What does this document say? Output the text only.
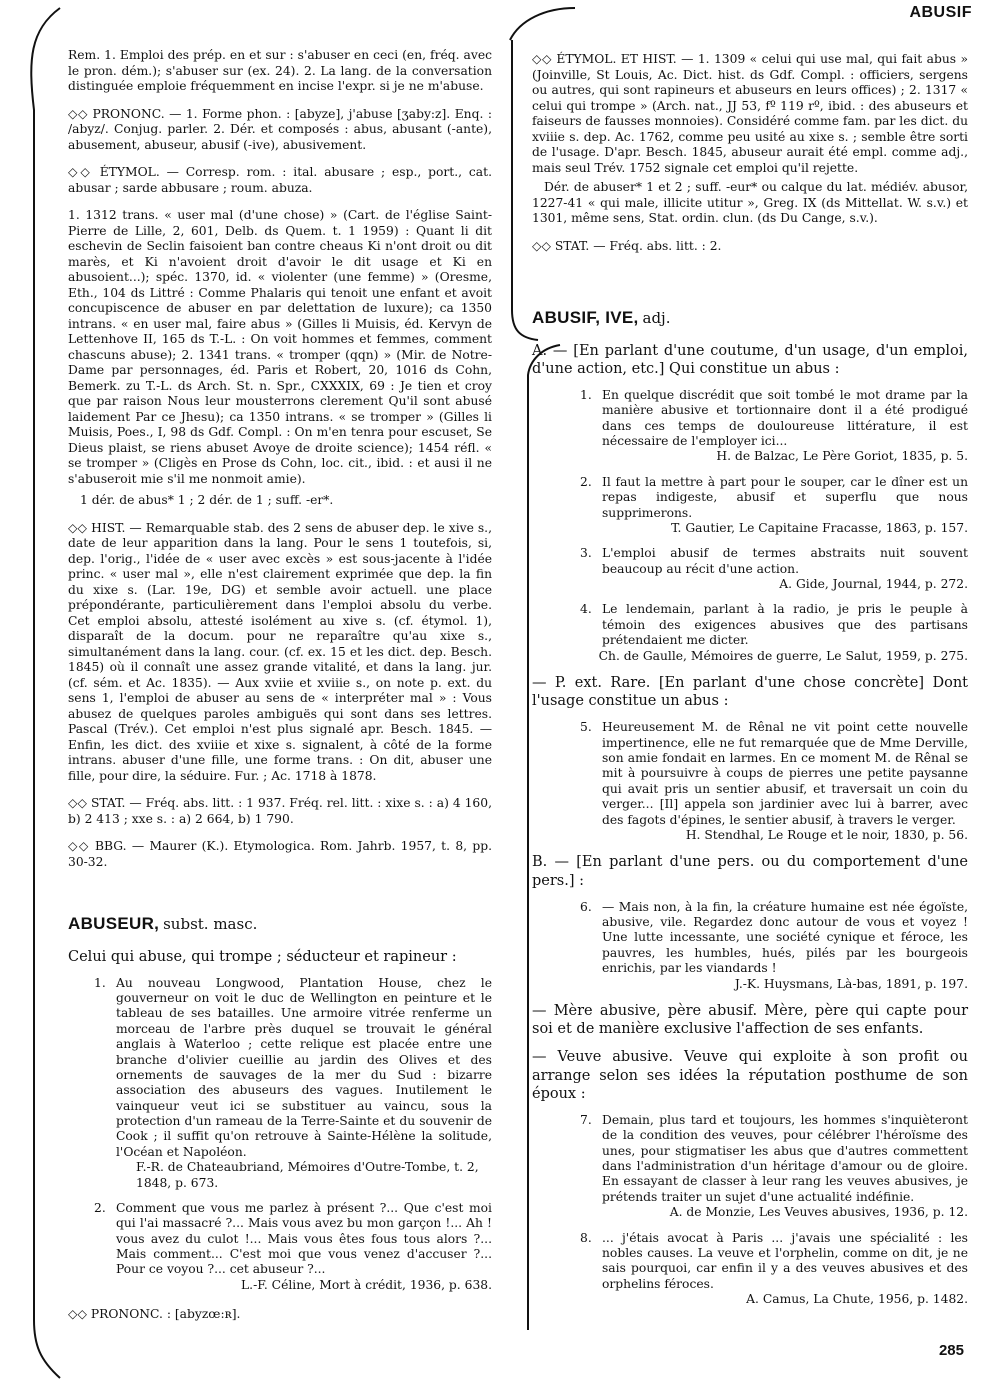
ABUSIF

Rem. 1. Emploi des prép. en et sur : s'abuser en ceci (en, fréq. avec le pron. dém.); s'abuser sur (ex. 24). 2. La lang. de la conversation distinguée emploie fréquemment en incise l'expr. si je ne m'abuse.

◇◇ PRONONC. — 1. Forme phon. : [abyze], j'abuse [ʒaby:z]. Enq. : /abyz/. Conjug. parler. 2. Dér. et composés : abus, abusant (-ante), abusement, abuseur, abusif (-ive), abusivement.

◇◇ ÉTYMOL. — Corresp. rom. : ital. abusare ; esp., port., cat. abusar ; sarde abbusare ; roum. abuza.

1. 1312 trans. « user mal (d'une chose) » (Cart. de l'église Saint-Pierre de Lille, 2, 601, Delb. ds Quem. t. 1 1959) : Quant li dit eschevin de Seclin faisoient ban contre cheaus Ki n'ont droit ou dit marès, et Ki n'avoient droit d'avoir le dit usage et Ki en abusoient...); spéc. 1370, id. « violenter (une femme) » (Oresme, Eth., 104 ds Littré : Comme Phalaris qui tenoit une enfant et avoit concupiscence de abuser en par delettation de luxure); ca 1350 intrans. « en user mal, faire abus » (Gilles li Muisis, éd. Kervyn de Lettenhove II, 165 ds T.-L. : On voit hommes et femmes, comment chascuns abuse); 2. 1341 trans. « tromper (qqn) » (Mir. de Notre-Dame par personnages, éd. Paris et Robert, 20, 1016 ds Cohn, Bemerk. zu T.-L. ds Arch. St. n. Spr., CXXXIX, 69 : Je tien et croy que par raison Nous leur mousterrons clerement Qu'il sont abusé laidement Par ce Jhesu); ca 1350 intrans. « se tromper » (Gilles li Muisis, Poes., I, 98 ds Gdf. Compl. : On m'en tenra pour escuset, Se Dieus plaist, se riens abuset Avoye de droite science); 1454 réfl. « se tromper » (Cligès en Prose ds Cohn, loc. cit., ibid. : et ausi il ne s'abuseroit mie s'il me nonmoit amie).

1 dér. de abus* 1 ; 2 dér. de 1 ; suff. -er*.

◇◇ HIST. — Remarquable stab. des 2 sens de abuser dep. le xive s., date de leur apparition dans la lang. Pour le sens 1 toutefois, si, dep. l'orig., l'idée de « user avec excès » est sous-jacente à l'idée princ. « user mal », elle n'est clairement exprimée que dep. la fin du xixe s. (Lar. 19e, DG) et semble avoir actuell. une place prépondérante, particulièrement dans l'emploi absolu du verbe. Cet emploi absolu, attesté isolément au xive s. (cf. étymol. 1), disparaît de la docum. pour ne reparaître qu'au xixe s., simultanément dans la lang. cour. (cf. ex. 15 et les dict. dep. Besch. 1845) où il connaît une assez grande vitalité, et dans la lang. jur. (cf. sém. et Ac. 1835). — Aux xviie et xviiie s., on note p. ext. du sens 1, l'emploi de abuser au sens de « interpréter mal » : Vous abusez de quelques paroles ambiguës qui sont dans ses lettres. Pascal (Trév.). Cet emploi n'est plus signalé apr. Besch. 1845. — Enfin, les dict. des xviiie et xixe s. signalent, à côté de la forme intrans. abuser d'une fille, une forme trans. : On dit, abuser une fille, pour dire, la séduire. Fur. ; Ac. 1718 à 1878.

◇◇ STAT. — Fréq. abs. litt. : 1 937. Fréq. rel. litt. : xixe s. : a) 4 160, b) 2 413 ; xxe s. : a) 2 664, b) 1 790.

◇◇ BBG. — Maurer (K.). Etymologica. Rom. Jahrb. 1957, t. 8, pp. 30-32.

ABUSEUR, subst. masc.
Celui qui abuse, qui trompe ; séducteur et rapineur :
1. Au nouveau Longwood, Plantation House, chez le gouverneur on voit le duc de Wellington en peinture et le tableau de ses batailles. Une armoire vitrée renferme un morceau de l'arbre près duquel se trouvait le général anglais à Waterloo ; cette relique est placée entre une branche d'olivier cueillie au jardin des Olives et des ornements de sauvages de la mer du Sud : bizarre association des abuseurs des vagues. Inutilement le vainqueur veut ici se substituer au vaincu, sous la protection d'un rameau de la Terre-Sainte et du souvenir de Cook ; il suffit qu'on retrouve à Sainte-Hélène la solitude, l'Océan et Napoléon.
F.-R. de Chateaubriand, Mémoires d'Outre-Tombe, t. 2, 1848, p. 673.
2. Comment que vous me parlez à présent ?... Que c'est moi qui l'ai massacré ?... Mais vous avez bu mon garçon !... Ah ! vous avez du culot !... Mais vous êtes fous tous alors ?... Mais comment... C'est moi que vous venez d'accuser ?... Pour ce voyou ?... cet abuseur ?...
L.-F. Céline, Mort à crédit, 1936, p. 638.

◇◇ PRONONC. : [abyzœ:ʀ].

◇◇ ÉTYMOL. ET HIST. — 1. 1309 « celui qui use mal, qui fait abus » (Joinville, St Louis, Ac. Dict. hist. ds Gdf. Compl. : officiers, sergens ou autres, qui sont rapineurs et abuseurs en leurs offices) ; 2. 1317 « celui qui trompe » (Arch. nat., JJ 53, fº 119 rº, ibid. : des abuseurs et faiseurs de fausses monnoies). Considéré comme fam. par les dict. du xviiie s. dep. Ac. 1762, comme peu usité au xixe s. ; semble être sorti de l'usage. D'apr. Besch. 1845, abuseur aurait été empl. comme adj., mais seul Trév. 1752 signale cet emploi qu'il rejette.

Dér. de abuser* 1 et 2 ; suff. -eur* ou calque du lat. médiév. abusor, 1227-41 « qui male, illicite utitur », Greg. IX (ds Mittellat. W. s.v.) et 1301, même sens, Stat. ordin. clun. (ds Du Cange, s.v.).

◇◇ STAT. — Fréq. abs. litt. : 2.

ABUSIF, IVE, adj.
A. — [En parlant d'une coutume, d'un usage, d'un emploi, d'une action, etc.] Qui constitue un abus :
1. En quelque discrédit que soit tombé le mot drame par la manière abusive et tortionnaire dont il a été prodigué dans ces temps de douloureuse littérature, il est nécessaire de l'employer ici...
H. de Balzac, Le Père Goriot, 1835, p. 5.
2. Il faut la mettre à part pour le souper, car le dîner est un repas indigeste, abusif et superflu que nous supprimerons.
T. Gautier, Le Capitaine Fracasse, 1863, p. 157.
3. L'emploi abusif de termes abstraits nuit souvent beaucoup au récit d'une action.
A. Gide, Journal, 1944, p. 272.
4. Le lendemain, parlant à la radio, je pris le peuple à témoin des exigences abusives que des partisans prétendaient me dicter.
Ch. de Gaulle, Mémoires de guerre, Le Salut, 1959, p. 275.
— P. ext. Rare. [En parlant d'une chose concrète] Dont l'usage constitue un abus :
5. Heureusement M. de Rênal ne vit point cette nouvelle impertinence, elle ne fut remarquée que de Mme Derville, son amie fondait en larmes. En ce moment M. de Rênal se mit à poursuivre à coups de pierres une petite paysanne qui avait pris un sentier abusif, et traversait un coin du verger... [Il] appela son jardinier avec lui à barrer, avec des fagots d'épines, le sentier abusif, à travers le verger.
H. Stendhal, Le Rouge et le noir, 1830, p. 56.
B. — [En parlant d'une pers. ou du comportement d'une pers.] :
6. — Mais non, à la fin, la créature humaine est née égoïste, abusive, vile. Regardez donc autour de vous et voyez ! Une lutte incessante, une société cynique et féroce, les pauvres, les humbles, hués, pilés par les bourgeois enrichis, par les viandards !
J.-K. Huysmans, Là-bas, 1891, p. 197.
— Mère abusive, père abusif. Mère, père qui capte pour soi et de manière exclusive l'affection de ses enfants.
— Veuve abusive. Veuve qui exploite à son profit ou arrange selon ses idées la réputation posthume de son époux :
7. Demain, plus tard et toujours, les hommes s'inquièteront de la condition des veuves, pour célébrer l'héroïsme des unes, pour stigmatiser les abus que d'autres commettent dans l'administration d'un héritage d'amour ou de gloire. En essayant de classer à leur rang les veuves abusives, je prétends traiter un sujet d'une actualité indéfinie.
A. de Monzie, Les Veuves abusives, 1936, p. 12.
8. ... j'étais avocat à Paris ... j'avais une spécialité : les nobles causes. La veuve et l'orphelin, comme on dit, je ne sais pourquoi, car enfin il y a des veuves abusives et des orphelins féroces.
A. Camus, La Chute, 1956, p. 1482.
285
